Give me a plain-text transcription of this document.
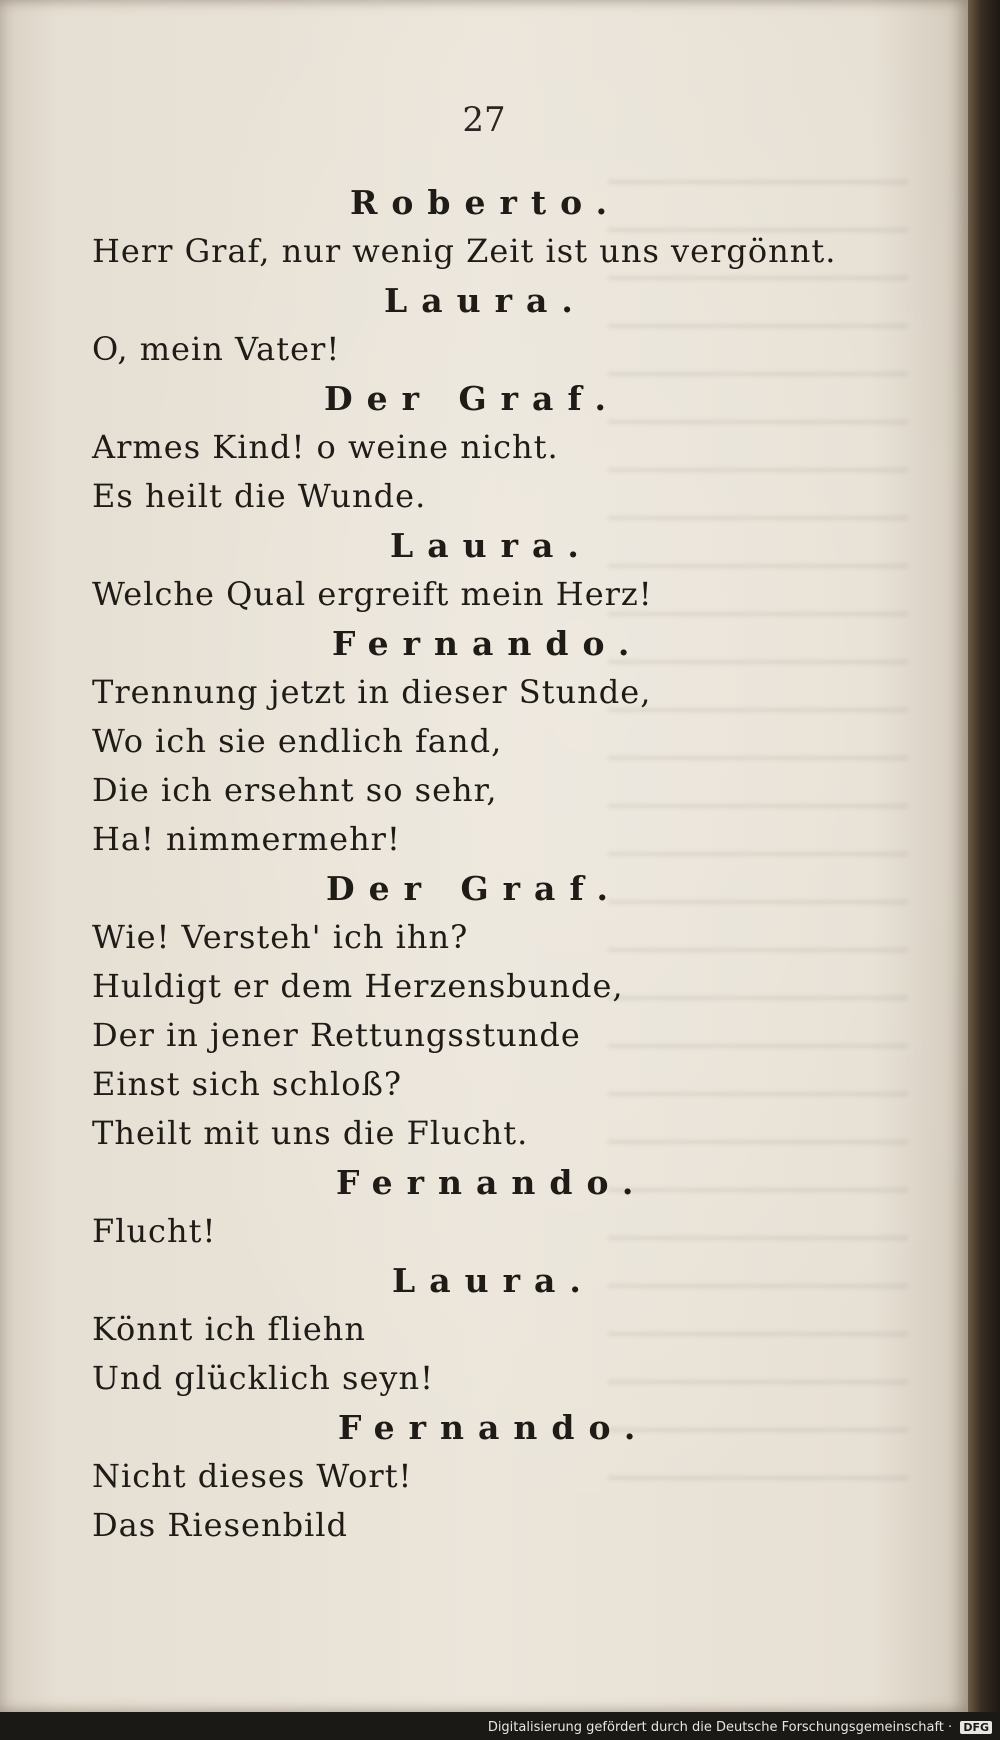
27
Roberto.
Herr Graf, nur wenig Zeit ist uns vergönnt.
Laura.
O, mein Vater!
Der Graf.
Armes Kind! o weine nicht.
Es heilt die Wunde.
Laura.
Welche Qual ergreift mein Herz!
Fernando.
Trennung jetzt in dieser Stunde,
Wo ich sie endlich fand,
Die ich ersehnt so sehr,
Ha! nimmermehr!
Der Graf.
Wie! Versteh' ich ihn?
Huldigt er dem Herzensbunde,
Der in jener Rettungsstunde
Einst sich schloß?
Theilt mit uns die Flucht.
Fernando.
Flucht!
Laura.
Könnt ich fliehn
Und glücklich seyn!
Fernando.
Nicht dieses Wort!
Das Riesenbild
Digitalisierung gefördert durch die Deutsche Forschungsgemeinschaft · DFG
